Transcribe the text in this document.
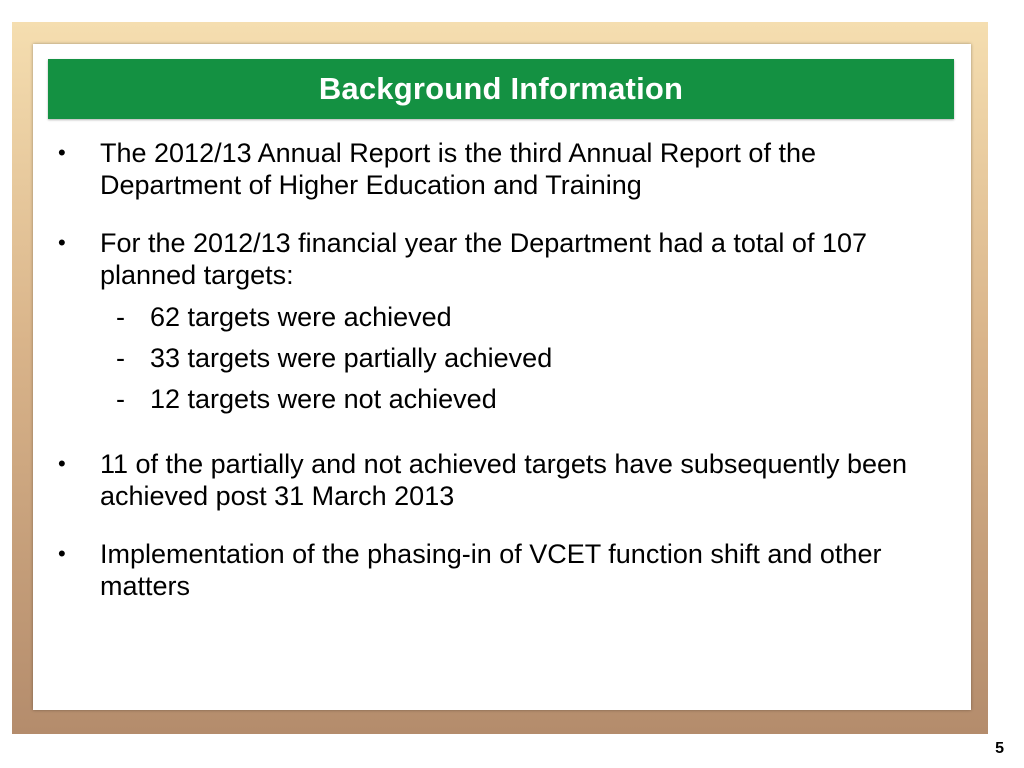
Background Information
• The 2012/13 Annual Report is the third Annual Report of the Department of Higher Education and Training
• For the 2012/13 financial year the Department had a total of 107 planned targets:
- 62 targets were achieved
- 33 targets were partially achieved
- 12 targets were not achieved
• 11 of the partially and not achieved targets have subsequently been achieved post 31 March 2013
• Implementation of the phasing-in of VCET function shift and other matters
5
